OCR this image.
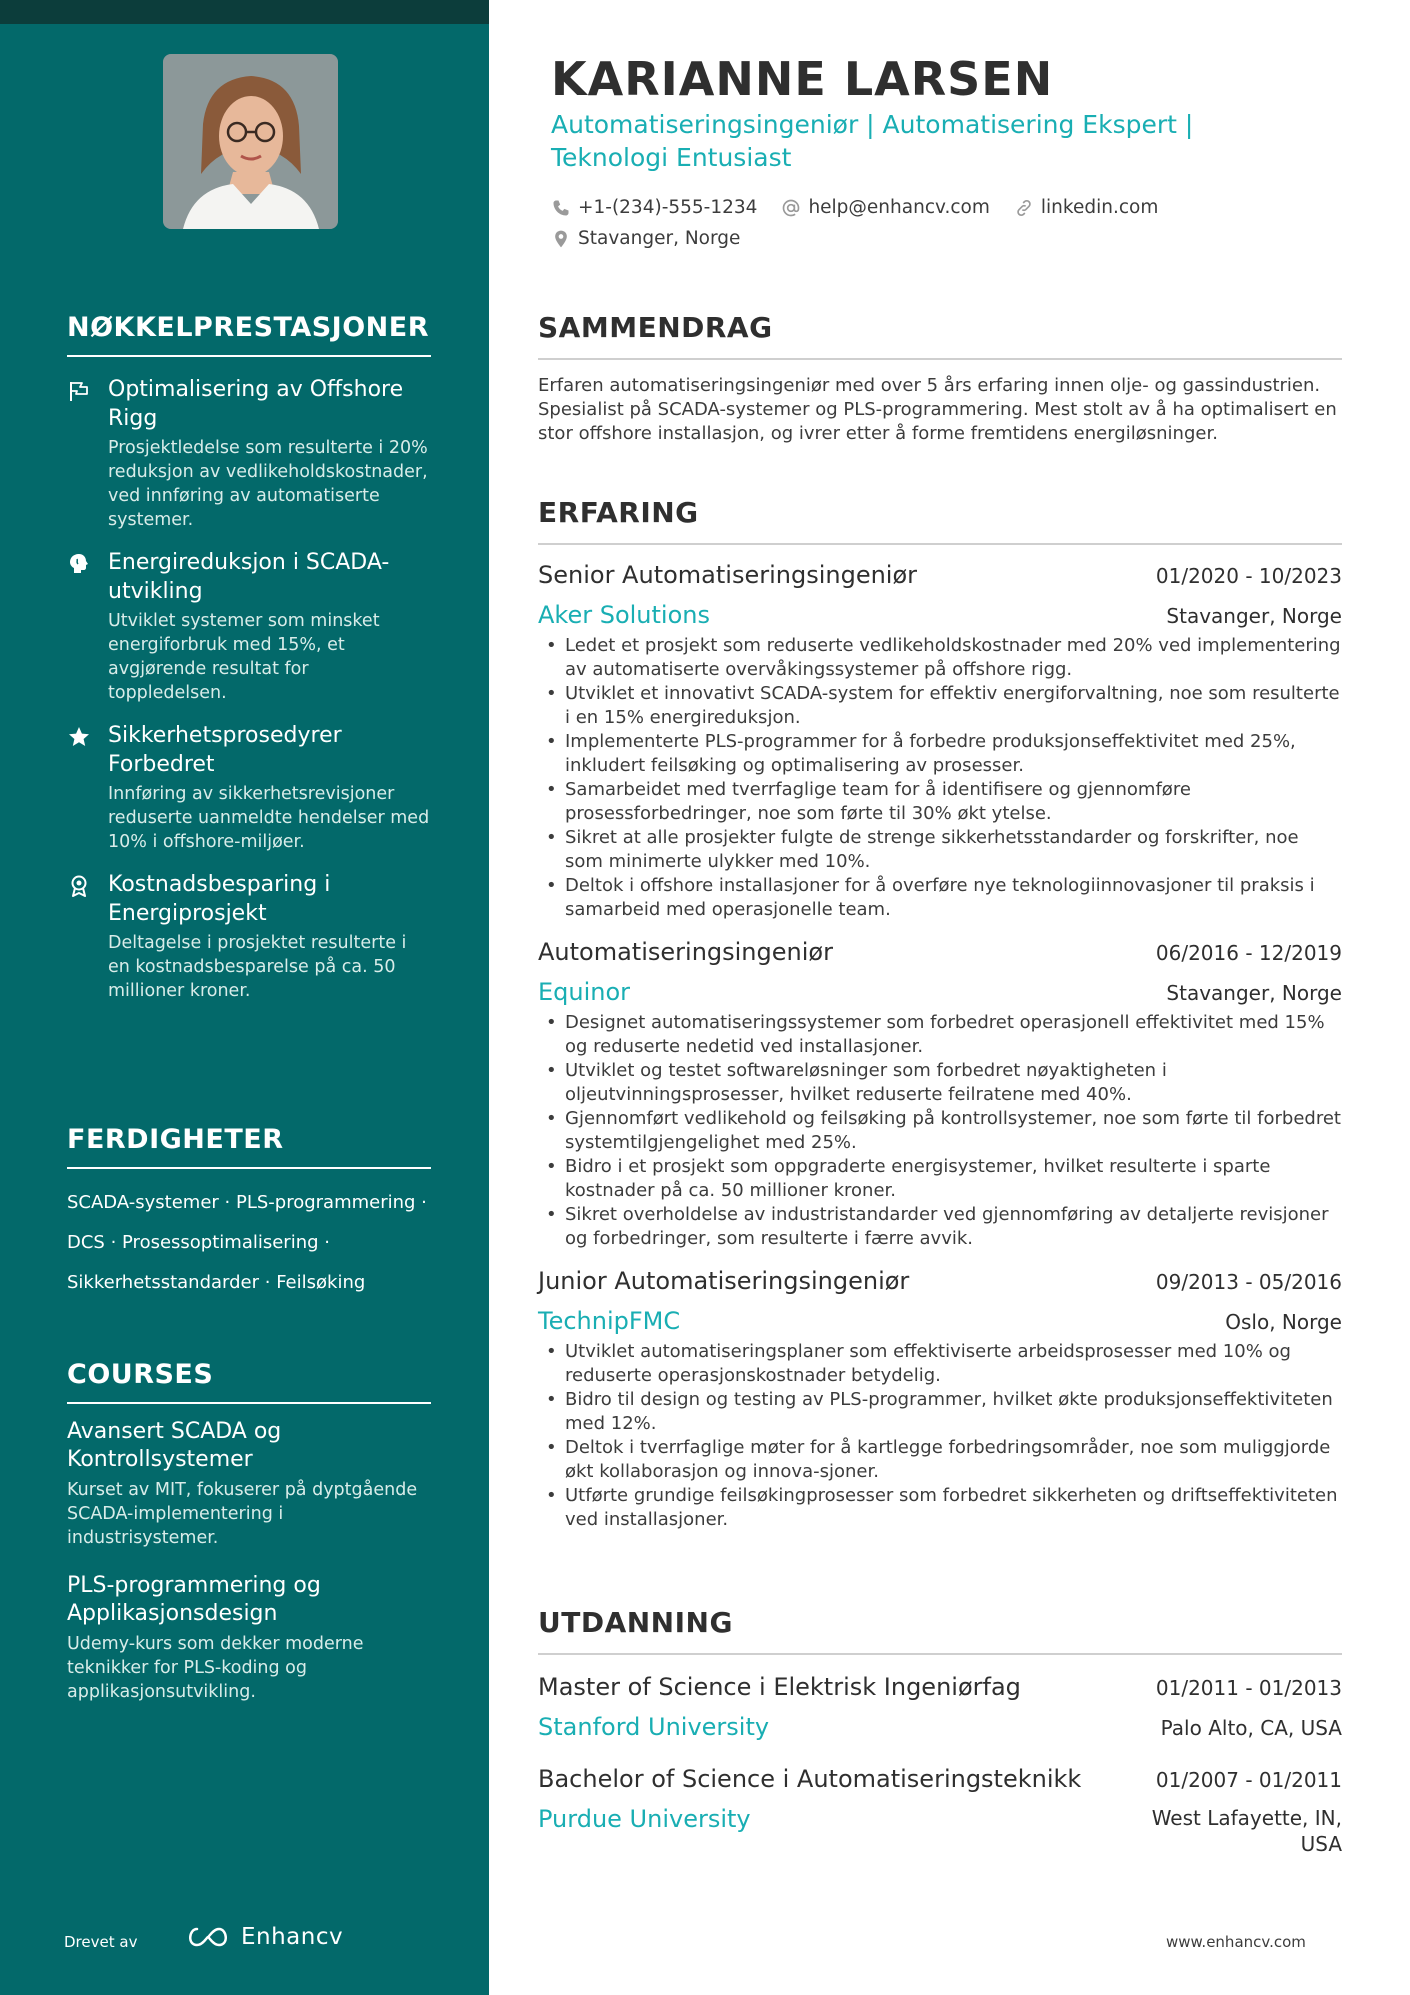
NØKKELPRESTASJONER
Optimalisering av Offshore Rigg
Prosjektledelse som resulterte i 20% reduksjon av vedlikeholdskostnader, ved innføring av automatiserte systemer.
Energireduksjon i SCADA-utvikling
Utviklet systemer som minsket energiforbruk med 15%, et avgjørende resultat for toppledelsen.
Sikkerhetsprosedyrer Forbedret
Innføring av sikkerhetsrevisjoner reduserte uanmeldte hendelser med 10% i offshore-miljøer.
Kostnadsbesparing i Energiprosjekt
Deltagelse i prosjektet resulterte i en kostnadsbesparelse på ca. 50 millioner kroner.
FERDIGHETER
SCADA-systemer · PLS-programmering ·
DCS · Prosessoptimalisering ·
Sikkerhetsstandarder · Feilsøking
COURSES
Avansert SCADA og Kontrollsystemer
Kurset av MIT, fokuserer på dyptgående SCADA-implementering i industrisystemer.
PLS-programmering og Applikasjonsdesign
Udemy-kurs som dekker moderne teknikker for PLS-koding og applikasjonsutvikling.
Drevet av	Enhancv
KARIANNE LARSEN
Automatiseringsingeniør | Automatisering Ekspert | Teknologi Entusiast
+1-(234)-555-1234	help@enhancv.com	linkedin.com
Stavanger, Norge
SAMMENDRAG

Erfaren automatiseringsingeniør med over 5 års erfaring innen olje- og gassindustrien. Spesialist på SCADA-systemer og PLS-programmering. Mest stolt av å ha optimalisert en stor offshore installasjon, og ivrer etter å forme fremtidens energiløsninger.

ERFARING
Senior Automatiseringsingeniør	01/2020 - 10/2023
Aker Solutions	Stavanger, Norge
• Ledet et prosjekt som reduserte vedlikeholdskostnader med 20% ved implementering av automatiserte overvåkingssystemer på offshore rigg.
• Utviklet et innovativt SCADA-system for effektiv energiforvaltning, noe som resulterte i en 15% energireduksjon.
• Implementerte PLS-programmer for å forbedre produksjonseffektivitet med 25%, inkludert feilsøking og optimalisering av prosesser.
• Samarbeidet med tverrfaglige team for å identifisere og gjennomføre prosessforbedringer, noe som førte til 30% økt ytelse.
• Sikret at alle prosjekter fulgte de strenge sikkerhetsstandarder og forskrifter, noe som minimerte ulykker med 10%.
• Deltok i offshore installasjoner for å overføre nye teknologiinnovasjoner til praksis i samarbeid med operasjonelle team.
Automatiseringsingeniør	06/2016 - 12/2019
Equinor	Stavanger, Norge
• Designet automatiseringssystemer som forbedret operasjonell effektivitet med 15% og reduserte nedetid ved installasjoner.
• Utviklet og testet softwareløsninger som forbedret nøyaktigheten i oljeutvinningsprosesser, hvilket reduserte feilratene med 40%.
• Gjennomført vedlikehold og feilsøking på kontrollsystemer, noe som førte til forbedret systemtilgjengelighet med 25%.
• Bidro i et prosjekt som oppgraderte energisystemer, hvilket resulterte i sparte kostnader på ca. 50 millioner kroner.
• Sikret overholdelse av industristandarder ved gjennomføring av detaljerte revisjoner og forbedringer, som resulterte i færre avvik.
Junior Automatiseringsingeniør	09/2013 - 05/2016
TechnipFMC	Oslo, Norge
• Utviklet automatiseringsplaner som effektiviserte arbeidsprosesser med 10% og reduserte operasjonskostnader betydelig.
• Bidro til design og testing av PLS-programmer, hvilket økte produksjonseffektiviteten med 12%.
• Deltok i tverrfaglige møter for å kartlegge forbedringsområder, noe som muliggjorde økt kollaborasjon og innova-sjoner.
• Utførte grundige feilsøkingprosesser som forbedret sikkerheten og driftseffektiviteten ved installasjoner.
UTDANNING
Master of Science i Elektrisk Ingeniørfag	01/2011 - 01/2013
Stanford University	Palo Alto, CA, USA
Bachelor of Science i Automatiseringsteknikk	01/2007 - 01/2011
Purdue University	West Lafayette, IN,
USA
www.enhancv.com
